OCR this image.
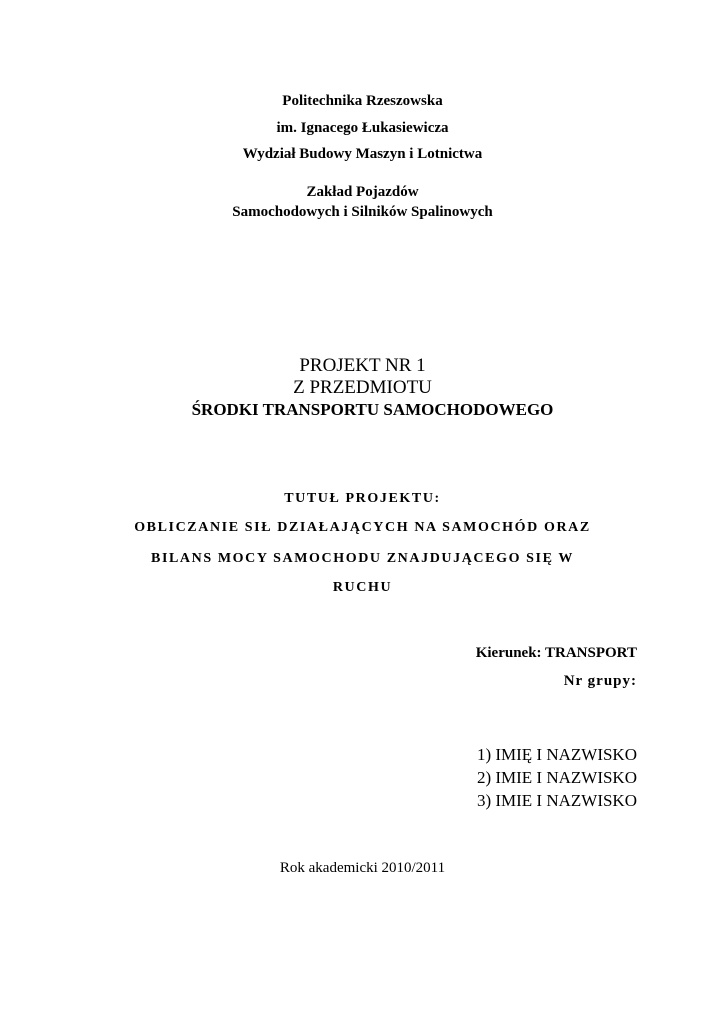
Politechnika Rzeszowska
im. Ignacego Łukasiewicza
Wydział Budowy Maszyn i Lotnictwa
Zakład Pojazdów
Samochodowych i Silników Spalinowych
PROJEKT NR 1
Z PRZEDMIOTU
ŚRODKI TRANSPORTU SAMOCHODOWEGO
TUTUŁ PROJEKTU:
OBLICZANIE SIŁ DZIAŁAJĄCYCH NA SAMOCHÓD ORAZ
BILANS MOCY SAMOCHODU ZNAJDUJĄCEGO SIĘ W
RUCHU
Kierunek: TRANSPORT
Nr grupy:
1) IMIĘ I NAZWISKO
2) IMIE I NAZWISKO
3) IMIE I NAZWISKO
Rok akademicki 2010/2011
